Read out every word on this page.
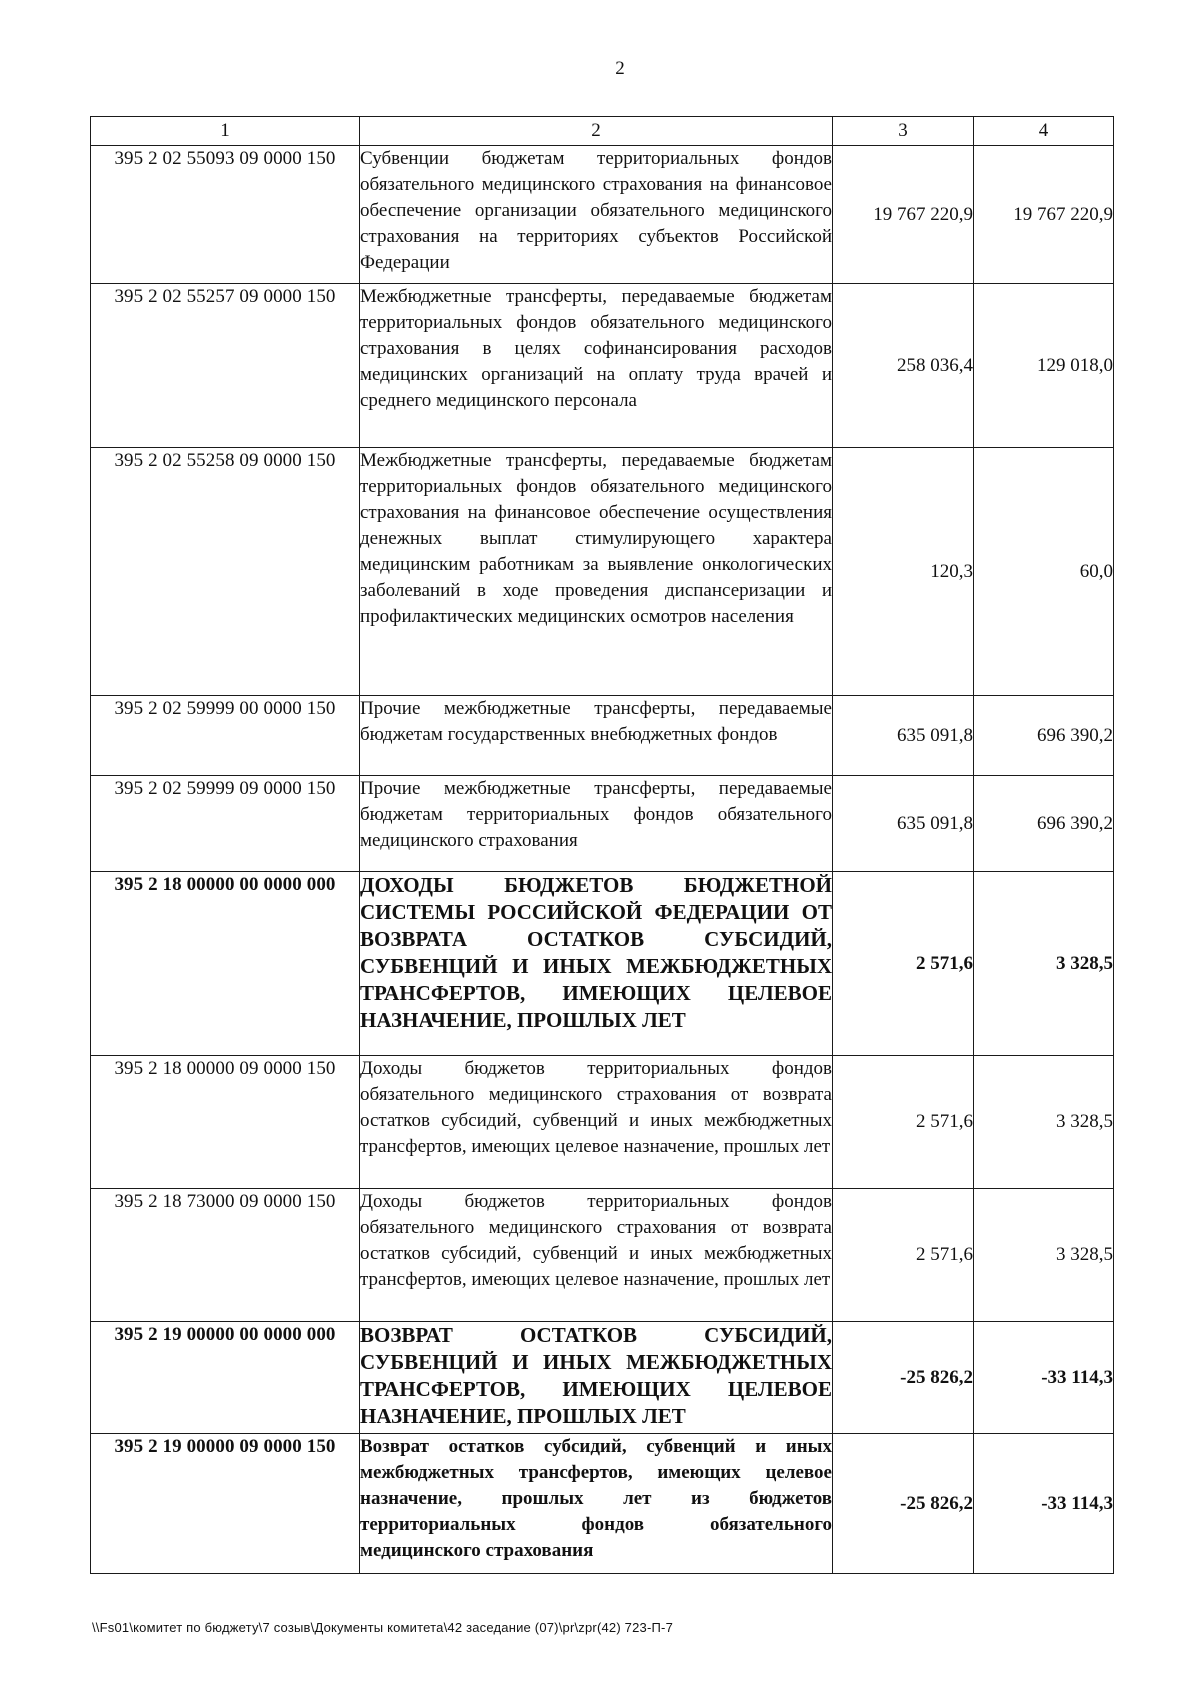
2
1	2	3	4
395 2 02 55093 09 0000 150	Субвенции бюджетам территориальных фондов обязательного медицинского страхования на финансовое обеспечение организации обязательного медицинского страхования на территориях субъектов Российской Федерации	19 767 220,9	19 767 220,9
395 2 02 55257 09 0000 150	Межбюджетные трансферты, передаваемые бюджетам территориальных фондов обязательного медицинского страхования в целях софинансирования расходов медицинских организаций на оплату труда врачей и среднего медицинского персонала	258 036,4	129 018,0
395 2 02 55258 09 0000 150	Межбюджетные трансферты, передаваемые бюджетам территориальных фондов обязательного медицинского страхования на финансовое обеспечение осуществления денежных выплат стимулирующего характера медицинским работникам за выявление онкологических заболеваний в ходе проведения диспансеризации и профилактических медицинских осмотров населения	120,3	60,0
395 2 02 59999 00 0000 150	Прочие межбюджетные трансферты, передаваемые бюджетам государственных внебюджетных фондов	635 091,8	696 390,2
395 2 02 59999 09 0000 150	Прочие межбюджетные трансферты, передаваемые бюджетам территориальных фондов обязательного медицинского страхования	635 091,8	696 390,2
395 2 18 00000 00 0000 000	ДОХОДЫ БЮДЖЕТОВ БЮДЖЕТНОЙ СИСТЕМЫ РОССИЙСКОЙ ФЕДЕРАЦИИ ОТ ВОЗВРАТА ОСТАТКОВ СУБСИДИЙ, СУБВЕНЦИЙ И ИНЫХ МЕЖБЮДЖЕТНЫХ ТРАНСФЕРТОВ, ИМЕЮЩИХ ЦЕЛЕВОЕ НАЗНАЧЕНИЕ, ПРОШЛЫХ ЛЕТ	2 571,6	3 328,5
395 2 18 00000 09 0000 150	Доходы бюджетов территориальных фондов обязательного медицинского страхования от возврата остатков субсидий, субвенций и иных межбюджетных трансфертов, имеющих целевое назначение, прошлых лет	2 571,6	3 328,5
395 2 18 73000 09 0000 150	Доходы бюджетов территориальных фондов обязательного медицинского страхования от возврата остатков субсидий, субвенций и иных межбюджетных трансфертов, имеющих целевое назначение, прошлых лет	2 571,6	3 328,5
395 2 19 00000 00 0000 000	ВОЗВРАТ ОСТАТКОВ СУБСИДИЙ, СУБВЕНЦИЙ И ИНЫХ МЕЖБЮДЖЕТНЫХ ТРАНСФЕРТОВ, ИМЕЮЩИХ ЦЕЛЕВОЕ НАЗНАЧЕНИЕ, ПРОШЛЫХ ЛЕТ	-25 826,2	-33 114,3
395 2 19 00000 09 0000 150	Возврат остатков субсидий, субвенций и иных межбюджетных трансфертов, имеющих целевое назначение, прошлых лет из бюджетов территориальных фондов обязательного медицинского страхования	-25 826,2	-33 114,3
\\Fs01\комитет по бюджету\7 созыв\Документы комитета\42 заседание (07)\pr\zpr(42) 723-П-7
